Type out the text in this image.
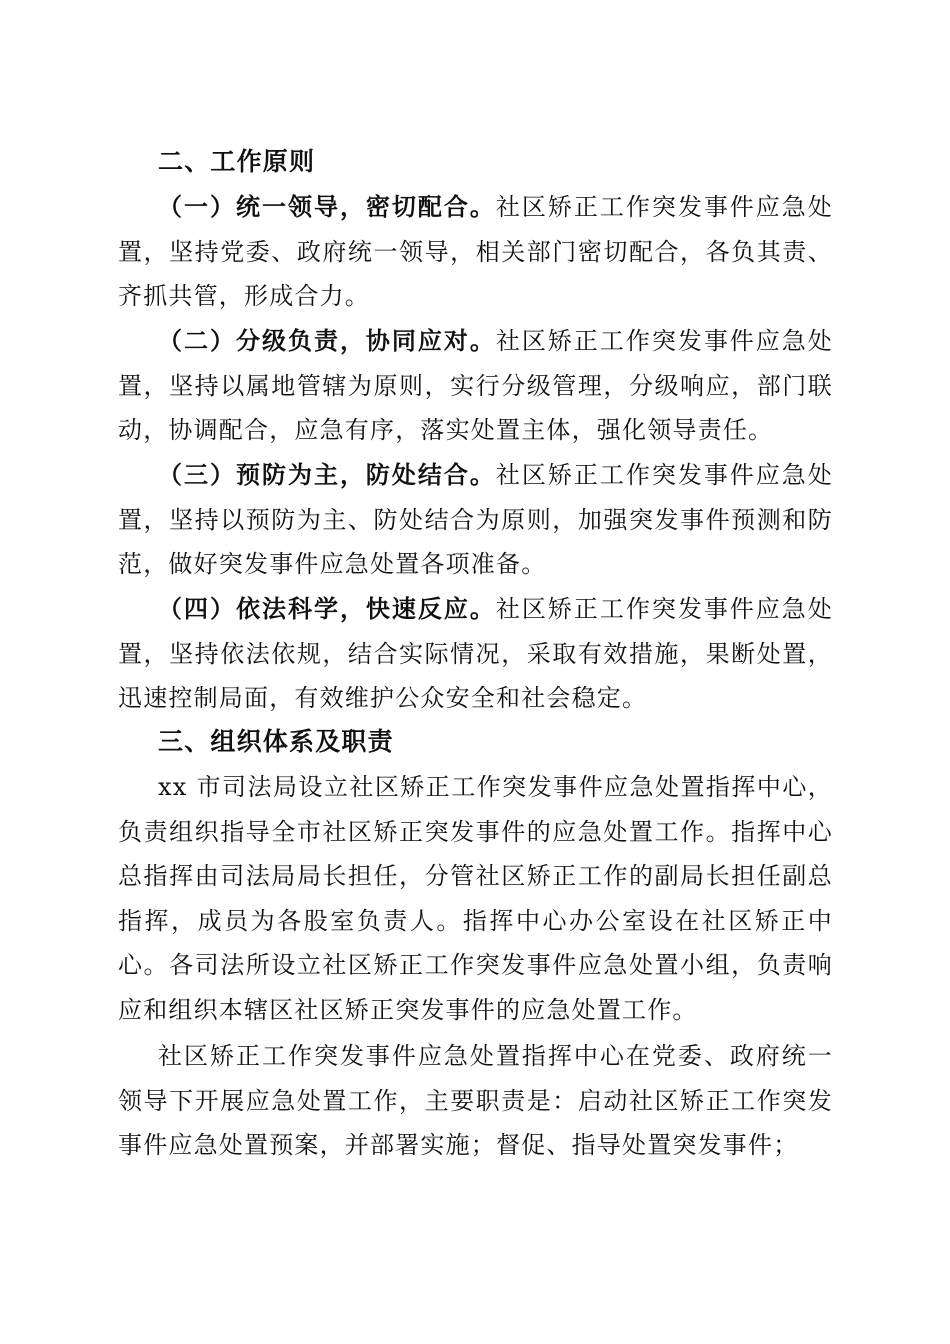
二、工作原则

（一）统一领导，密切配合。社区矫正工作突发事件应急处置，坚持党委、政府统一领导，相关部门密切配合，各负其责、齐抓共管，形成合力。

（二）分级负责，协同应对。社区矫正工作突发事件应急处置，坚持以属地管辖为原则，实行分级管理，分级响应，部门联动，协调配合，应急有序，落实处置主体，强化领导责任。

（三）预防为主，防处结合。社区矫正工作突发事件应急处置，坚持以预防为主、防处结合为原则，加强突发事件预测和防范，做好突发事件应急处置各项准备。

（四）依法科学，快速反应。社区矫正工作突发事件应急处置，坚持依法依规，结合实际情况，采取有效措施，果断处置，迅速控制局面，有效维护公众安全和社会稳定。

三、组织体系及职责

xx 市司法局设立社区矫正工作突发事件应急处置指挥中心，负责组织指导全市社区矫正突发事件的应急处置工作。指挥中心总指挥由司法局局长担任，分管社区矫正工作的副局长担任副总指挥，成员为各股室负责人。指挥中心办公室设在社区矫正中心。各司法所设立社区矫正工作突发事件应急处置小组，负责响应和组织本辖区社区矫正突发事件的应急处置工作。

社区矫正工作突发事件应急处置指挥中心在党委、政府统一领导下开展应急处置工作，主要职责是：启动社区矫正工作突发事件应急处置预案，并部署实施；督促、指导处置突发事件；
